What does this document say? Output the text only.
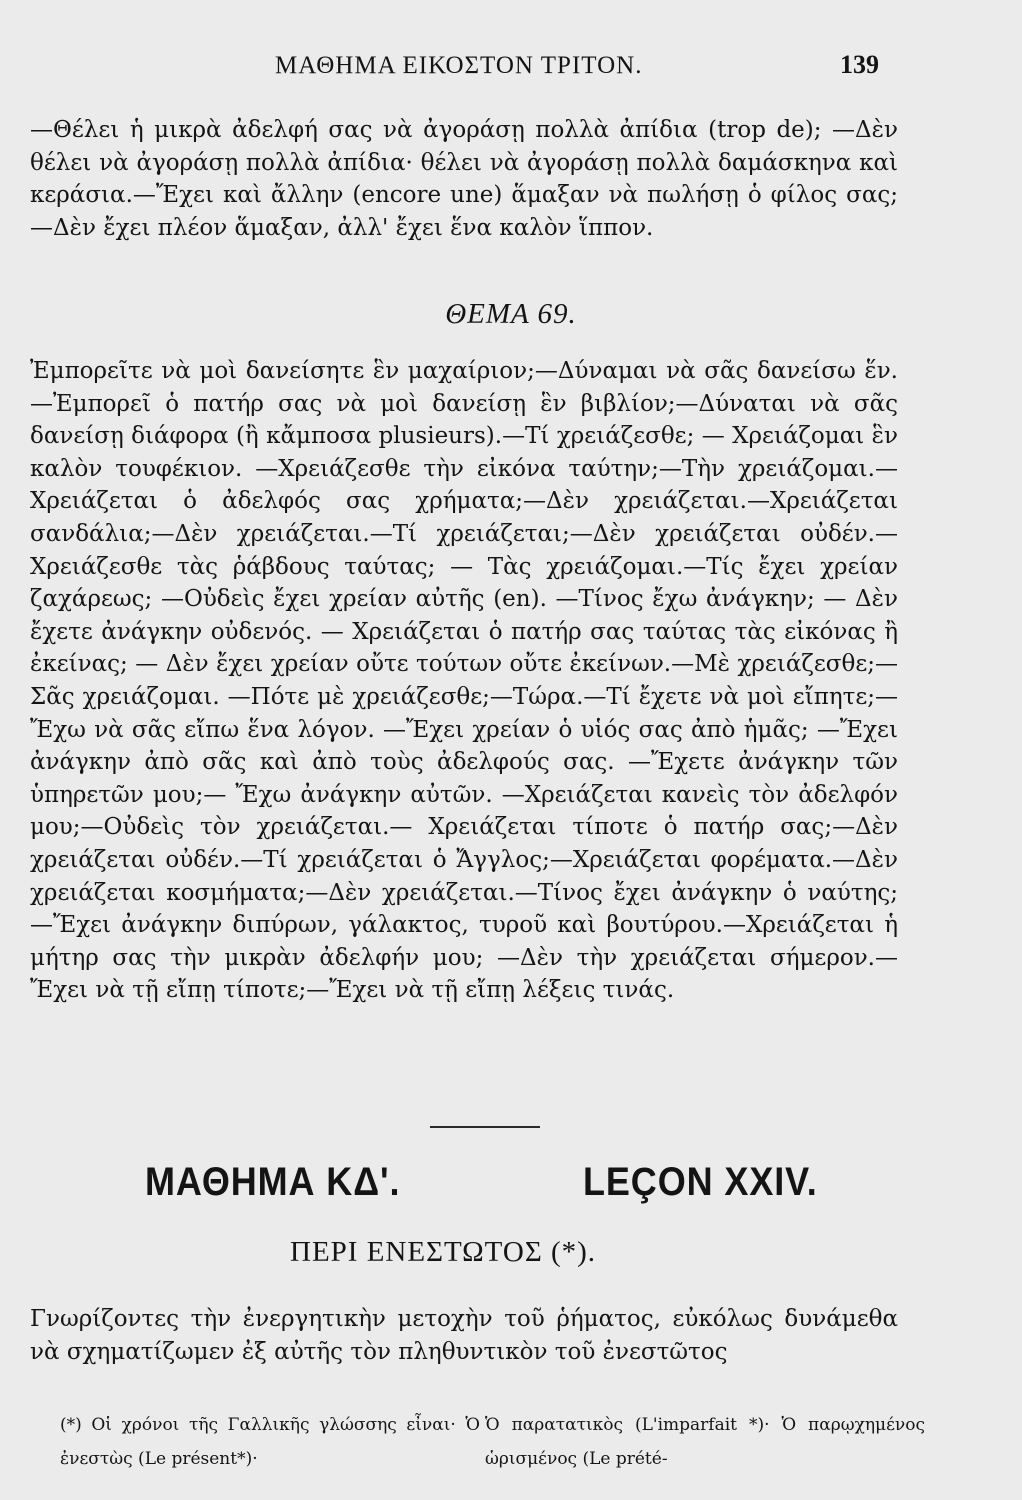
ΜΑΘΗΜΑ ΕΙΚΟΣΤΟΝ ΤΡΙΤΟΝ.	139

—Θέλει ἡ μικρὰ ἀδελφή σας νὰ ἀγοράσῃ πολλὰ ἀπίδια (trop de); —Δὲν θέλει νὰ ἀγοράσῃ πολλὰ ἀπίδια· θέλει νὰ ἀγοράσῃ πολλὰ δαμάσκηνα καὶ κεράσια.—Ἔχει καὶ ἄλλην (encore une) ἅμαξαν νὰ πωλήσῃ ὁ φίλος σας;—Δὲν ἔχει πλέον ἅμαξαν, ἀλλ' ἔχει ἕνα καλὸν ἵππον.

ΘΕΜΑ 69.

Ἐμπορεῖτε νὰ μοὶ δανείσητε ἓν μαχαίριον;—Δύναμαι νὰ σᾶς δανείσω ἕν.—Ἐμπορεῖ ὁ πατήρ σας νὰ μοὶ δανείσῃ ἓν βιβλίον;—Δύναται νὰ σᾶς δανείσῃ διάφορα (ἢ κἄμποσα plusieurs).—Τί χρειάζεσθε; — Χρειάζομαι ἓν καλὸν τουφέκιον. —Χρειάζεσθε τὴν εἰκόνα ταύτην;—Τὴν χρειάζομαι.—Χρειάζεται ὁ ἀδελφός σας χρήματα;—Δὲν χρειάζεται.—Χρειάζεται σανδάλια;—Δὲν χρειάζεται.—Τί χρειάζεται;—Δὲν χρειάζεται οὐδέν.— Χρειάζεσθε τὰς ῥάβδους ταύτας; — Τὰς χρειάζομαι.—Τίς ἔχει χρείαν ζαχάρεως; —Οὐδεὶς ἔχει χρείαν αὐτῆς (en). —Τίνος ἔχω ἀνάγκην; — Δὲν ἔχετε ἀνάγκην οὐδενός. — Χρειάζεται ὁ πατήρ σας ταύτας τὰς εἰκόνας ἢ ἐκείνας; — Δὲν ἔχει χρείαν οὔτε τούτων οὔτε ἐκείνων.—Μὲ χρειάζεσθε;—Σᾶς χρειάζομαι. —Πότε μὲ χρειάζεσθε;—Τώρα.—Τί ἔχετε νὰ μοὶ εἴπητε;—Ἔχω νὰ σᾶς εἴπω ἕνα λόγον. —Ἔχει χρείαν ὁ υἱός σας ἀπὸ ἡμᾶς; —Ἔχει ἀνάγκην ἀπὸ σᾶς καὶ ἀπὸ τοὺς ἀδελφούς σας. —Ἔχετε ἀνάγκην τῶν ὑπηρετῶν μου;— Ἔχω ἀνάγκην αὐτῶν. —Χρειάζεται κανεὶς τὸν ἀδελφόν μου;—Οὐδεὶς τὸν χρειάζεται.— Χρειάζεται τίποτε ὁ πατήρ σας;—Δὲν χρειάζεται οὐδέν.—Τί χρειάζεται ὁ Ἄγγλος;—Χρειάζεται φορέματα.—Δὲν χρειάζεται κοσμήματα;—Δὲν χρειάζεται.—Τίνος ἔχει ἀνάγκην ὁ ναύτης;—Ἔχει ἀνάγκην διπύρων, γάλακτος, τυροῦ καὶ βουτύρου.—Χρειάζεται ἡ μήτηρ σας τὴν μικρὰν ἀδελφήν μου; —Δὲν τὴν χρειάζεται σήμερον.—Ἔχει νὰ τῇ εἴπῃ τίποτε;—Ἔχει νὰ τῇ εἴπῃ λέξεις τινάς.

ΜΑΘΗΜΑ ΚΔ'.	LEÇON XXIV.
ΠΕΡΙ ΕΝΕΣΤΩΤΟΣ (*).

Γνωρίζοντες τὴν ἐνεργητικὴν μετοχὴν τοῦ ῥήματος, εὐκόλως δυνάμεθα νὰ σχηματίζωμεν ἐξ αὐτῆς τὸν πληθυντικὸν τοῦ ἐνεστῶτος

(*) Οἱ χρόνοι τῆς Γαλλικῆς γλώσσης εἶναι· Ὁ ἐνεστὼς (Le présent*)·

Ὁ παρατατικὸς (L'imparfait *)· Ὁ παρῳχημένος ὡρισμένος (Le prété-
